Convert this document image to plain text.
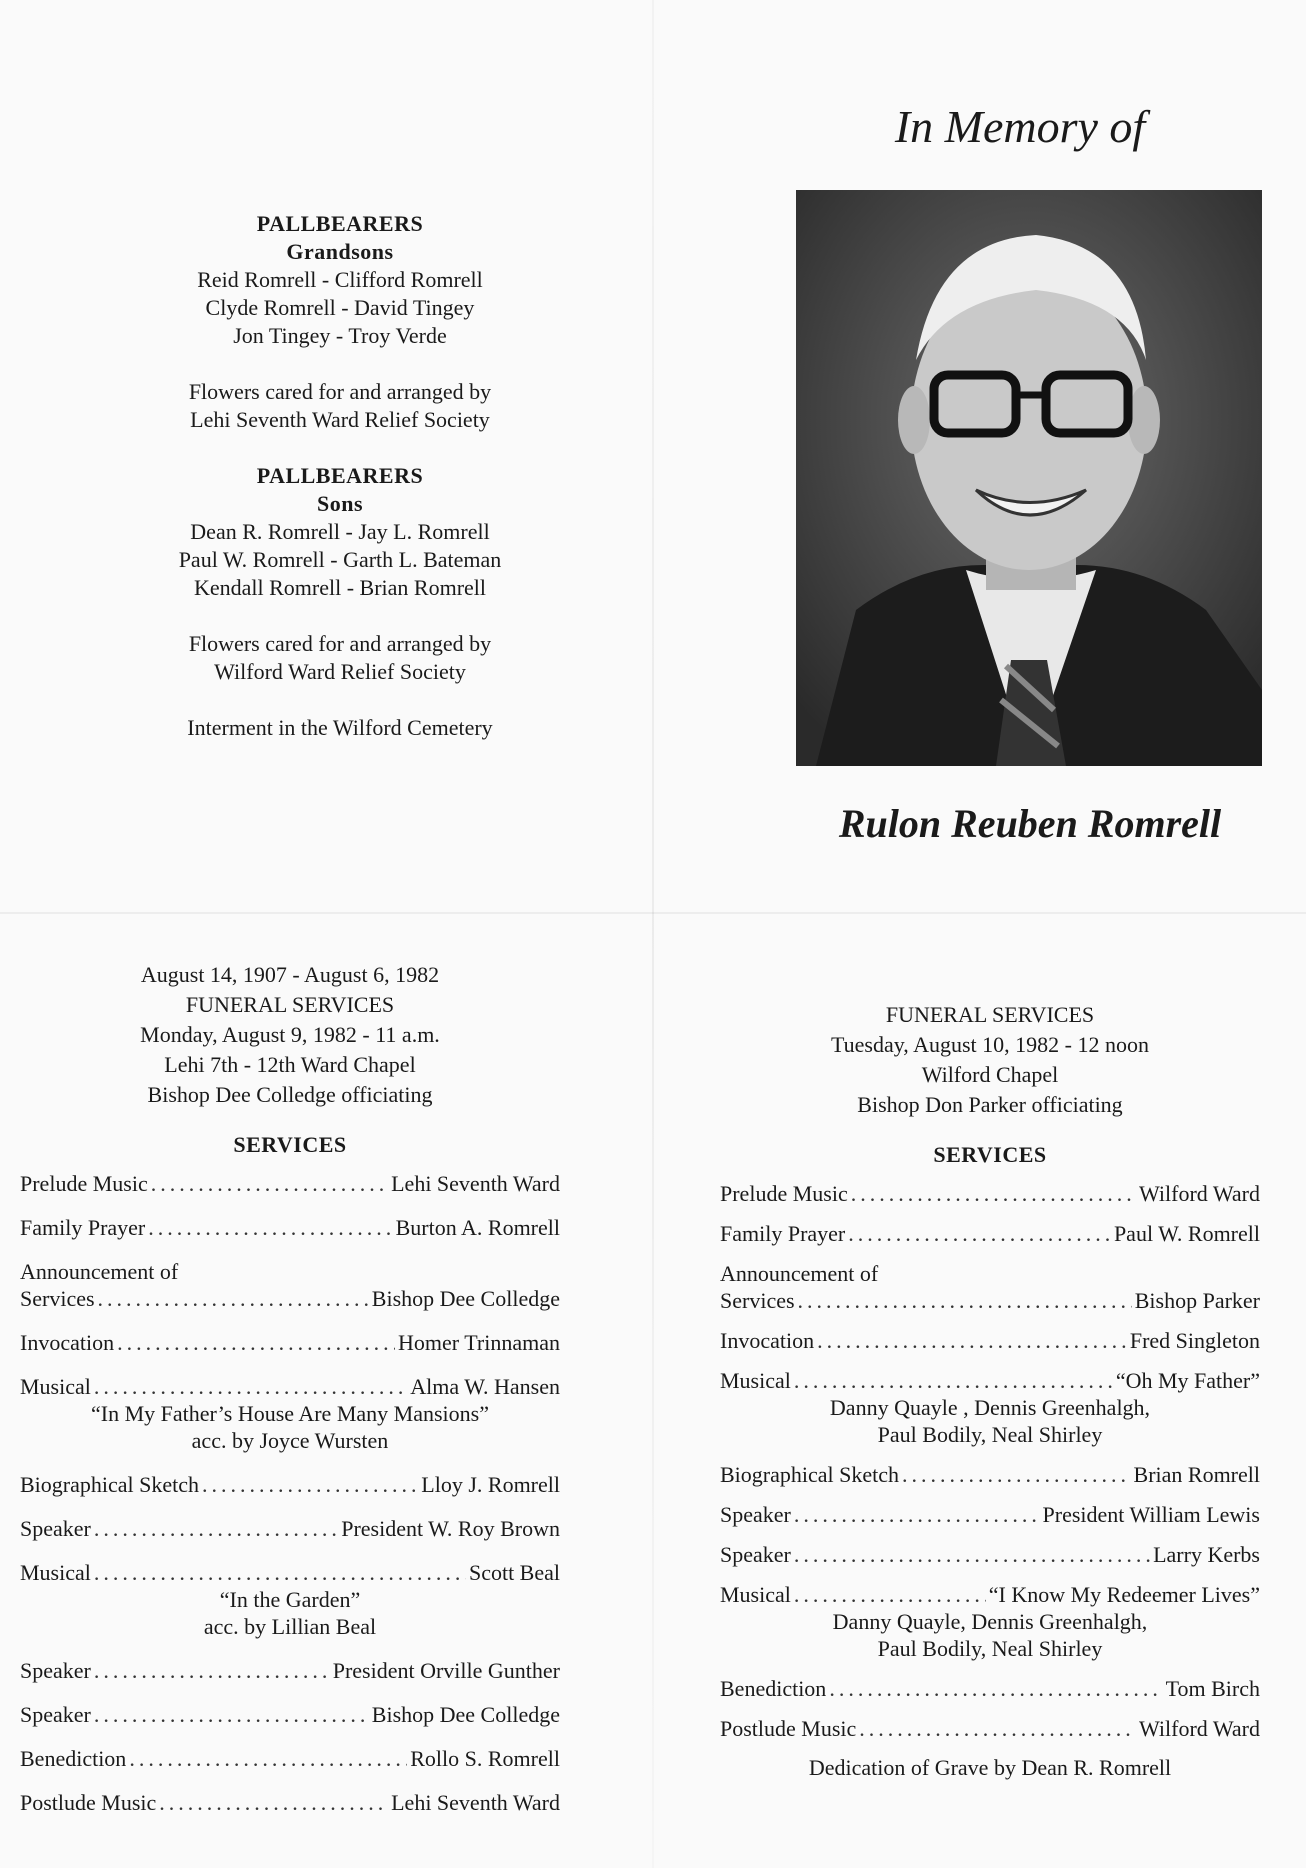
PALLBEARERS
Grandsons
Reid Romrell - Clifford Romrell
Clyde Romrell - David Tingey
Jon Tingey - Troy Verde
Flowers cared for and arranged by
Lehi Seventh Ward Relief Society
PALLBEARERS
Sons
Dean R. Romrell - Jay L. Romrell
Paul W. Romrell - Garth L. Bateman
Kendall Romrell - Brian Romrell
Flowers cared for and arranged by
Wilford Ward Relief Society
Interment in the Wilford Cemetery
In Memory of
Rulon Reuben Romrell
August 14, 1907 - August 6, 1982
FUNERAL SERVICES
Monday, August 9, 1982 - 11 a.m.
Lehi 7th - 12th Ward Chapel
Bishop Dee Colledge officiating
SERVICES
Prelude Music .....	Lehi Seventh Ward
Family Prayer .....	Burton A. Romrell
Announcement of
Services .....	Bishop Dee Colledge
Invocation .....	Homer Trinnaman
Musical .....	Alma W. Hansen
“In My Father’s House Are Many Mansions”
acc. by Joyce Wursten
Biographical Sketch .....	Lloy J. Romrell
Speaker .....	President W. Roy Brown
Musical .....	Scott Beal
“In the Garden”
acc. by Lillian Beal
Speaker .....	President Orville Gunther
Speaker .....	Bishop Dee Colledge
Benediction .....	Rollo S. Romrell
Postlude Music .....	Lehi Seventh Ward
FUNERAL SERVICES
Tuesday, August 10, 1982 - 12 noon
Wilford Chapel
Bishop Don Parker officiating
SERVICES
Prelude Music .....	Wilford Ward
Family Prayer .....	Paul W. Romrell
Announcement of
Services .....	Bishop Parker
Invocation .....	Fred Singleton
Musical .....	“Oh My Father”
Danny Quayle , Dennis Greenhalgh,
Paul Bodily, Neal Shirley
Biographical Sketch .....	Brian Romrell
Speaker .....	President William Lewis
Speaker .....	Larry Kerbs
Musical .....	“I Know My Redeemer Lives”
Danny Quayle, Dennis Greenhalgh,
Paul Bodily, Neal Shirley
Benediction .....	Tom Birch
Postlude Music .....	Wilford Ward
Dedication of Grave by Dean R. Romrell
